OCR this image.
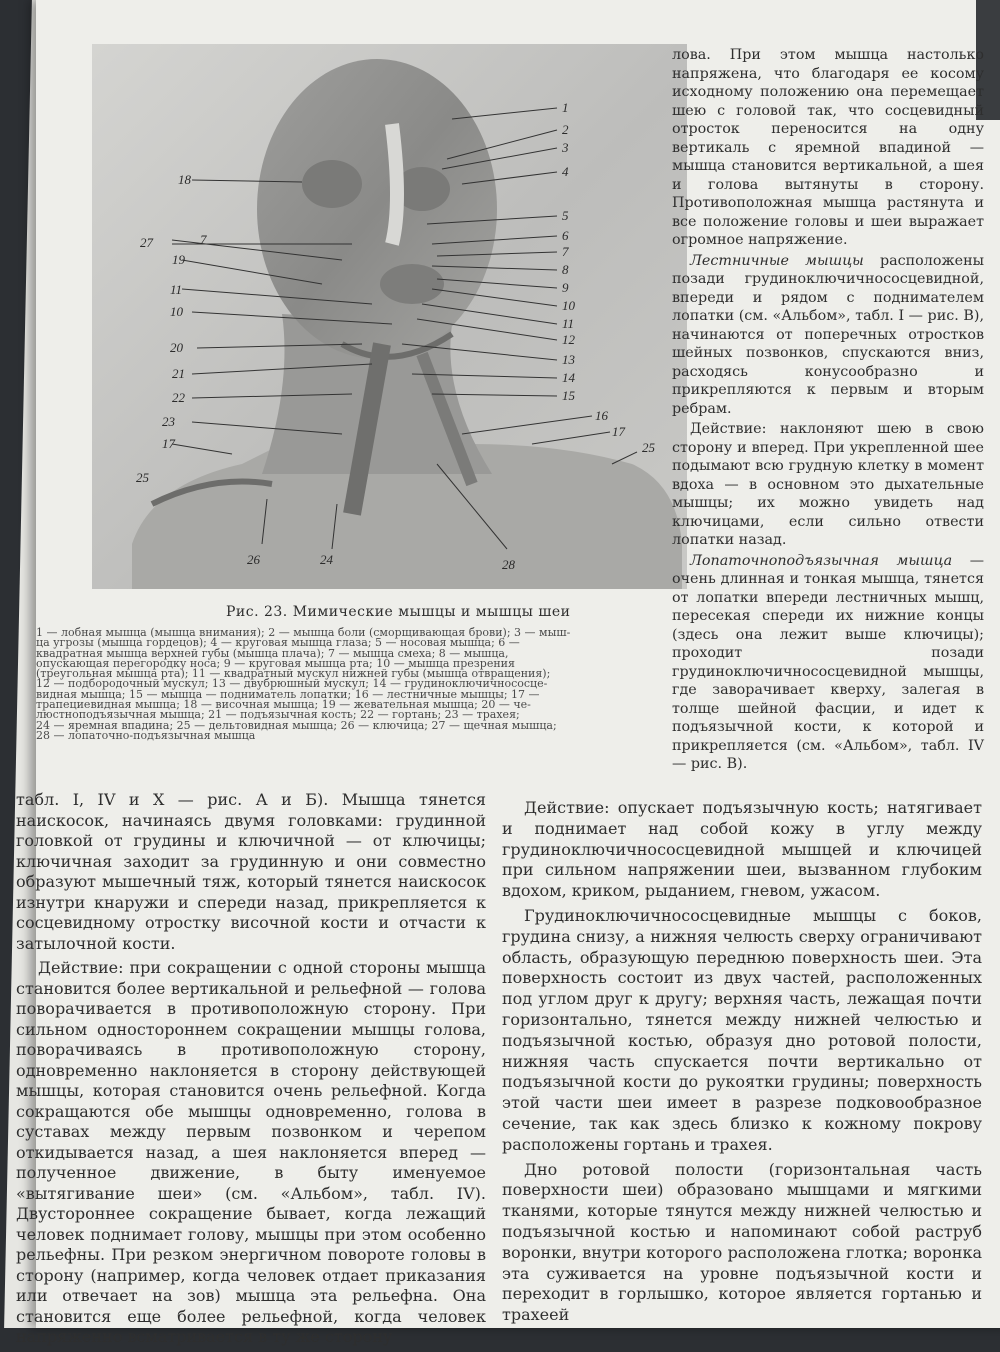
1
2
3
4
5
6
7
8
9
10
11
12
13
14
15
16
17
17
18
19
20
21
22
23
25
25
26	24	28
27	7
11
10
Рис. 23. Мимические мышцы и мышцы шеи
1 — лобная мышца (мышца внимания); 2 — мышца боли (сморщивающая брови); 3 — мыш-
ца угрозы (мышца гордецов); 4 — круговая мышца глаза; 5 — носовая мышца; 6 —
квадратная мышца верхней губы (мышца плача); 7 — мышца смеха; 8 — мышца,
опускающая перегородку носа; 9 — круговая мышца рта; 10 — мышца презрения
(треугольная мышца рта); 11 — квадратный мускул нижней губы (мышца отвращения);
12 — подбородочный мускул; 13 — двубрюшный мускул; 14 — грудиноключичнососце-
видная мышца; 15 — мышца — подниматель лопатки; 16 — лестничные мышцы; 17 —
трапециевидная мышца; 18 — височная мышца; 19 — жевательная мышца; 20 — че-
люстноподъязычная мышца; 21 — подъязычная кость; 22 — гортань; 23 — трахея;
24 — яремная впадина; 25 — дельтовидная мышца; 26 — ключица; 27 — щечная мышца;
28 — лопаточно-подъязычная мышца

лова. При этом мышца настолько напряжена, что благодаря ее косому исходному положению она перемещает шею с головой так, что сосцевидный отросток переносится на одну вертикаль с яремной впадиной — мышца становится вертикальной, а шея и голова вытянуты в сторону. Противоположная мышца растянута и все положение головы и шеи выражает огромное напряжение.

Лестничные мышцы расположены позади грудиноключичнососцевидной, впереди и рядом с поднимателем лопатки (см. «Альбом», табл. I — рис. В), начинаются от поперечных отростков шейных позвонков, спускаются вниз, расходясь конусообразно и прикрепляются к первым и вторым ребрам.

Действие: наклоняют шею в свою сторону и вперед. При укрепленной шее подымают всю грудную клетку в момент вдоха — в основном это дыхательные мышцы; их можно увидеть над ключицами, если сильно отвести лопатки назад.

Лопаточноподъязычная мышца — очень длинная и тонкая мышца, тянется от лопатки впереди лестничных мышц, пересекая спереди их нижние концы (здесь она лежит выше ключицы); проходит позади грудиноключичнососцевидной мышцы, где заворачивает кверху, залегая в толще шейной фасции, и идет к подъязычной кости, к которой и прикрепляется (см. «Альбом», табл. IV — рис. В).

табл. I, IV и X — рис. А и Б). Мышца тянется наискосок, начинаясь двумя головками: грудинной головкой от грудины и ключичной — от ключицы; ключичная заходит за грудинную и они совместно образуют мышечный тяж, который тянется наискосок изнутри кнаружи и спереди назад, прикрепляется к сосцевидному отростку височной кости и отчасти к затылочной кости.

Действие: при сокращении с одной стороны мышца становится более вертикальной и рельефной — голова поворачивается в противоположную сторону. При сильном одностороннем сокращении мышцы голова, поворачиваясь в противоположную сторону, одновременно наклоняется в сторону действующей мышцы, которая становится очень рельефной. Когда сокращаются обе мышцы одновременно, голова в суставах между первым позвонком и черепом откидывается назад, а шея наклоняется вперед — полученное движение, в быту именуемое «вытягивание шеи» (см. «Альбом», табл. IV). Двустороннее сокращение бывает, когда лежащий человек поднимает голову, мышцы при этом особенно рельефны. При резком энергичном повороте головы в сторону (например, когда человек отдает приказания или отвечает на зов) мышца эта рельефна. Она становится еще более рельефной, когда человек напряженно всматривается в ту же сторону

Действие: опускает подъязычную кость; натягивает и поднимает над собой кожу в углу между грудиноключичнососцевидной мышцей и ключицей при сильном напряжении шеи, вызванном глубоким вдохом, криком, рыданием, гневом, ужасом.

Грудиноключичнососцевидные мышцы с боков, грудина снизу, а нижняя челюсть сверху ограничивают область, образующую переднюю поверхность шеи. Эта поверхность состоит из двух частей, расположенных под углом друг к другу; верхняя часть, лежащая почти горизонтально, тянется между нижней челюстью и подъязычной костью, образуя дно ротовой полости, нижняя часть спускается почти вертикально от подъязычной кости до рукоятки грудины; поверхность этой части шеи имеет в разрезе подковообразное сечение, так как здесь близко к кожному покрову расположены гортань и трахея.

Дно ротовой полости (горизонтальная часть поверхности шеи) образовано мышцами и мягкими тканями, которые тянутся между нижней челюстью и подъязычной костью и напоминают собой раструб воронки, внутри которого расположена глотка; воронка эта суживается на уровне подъязычной кости и переходит в горлышко, которое является гортанью и трахеей
